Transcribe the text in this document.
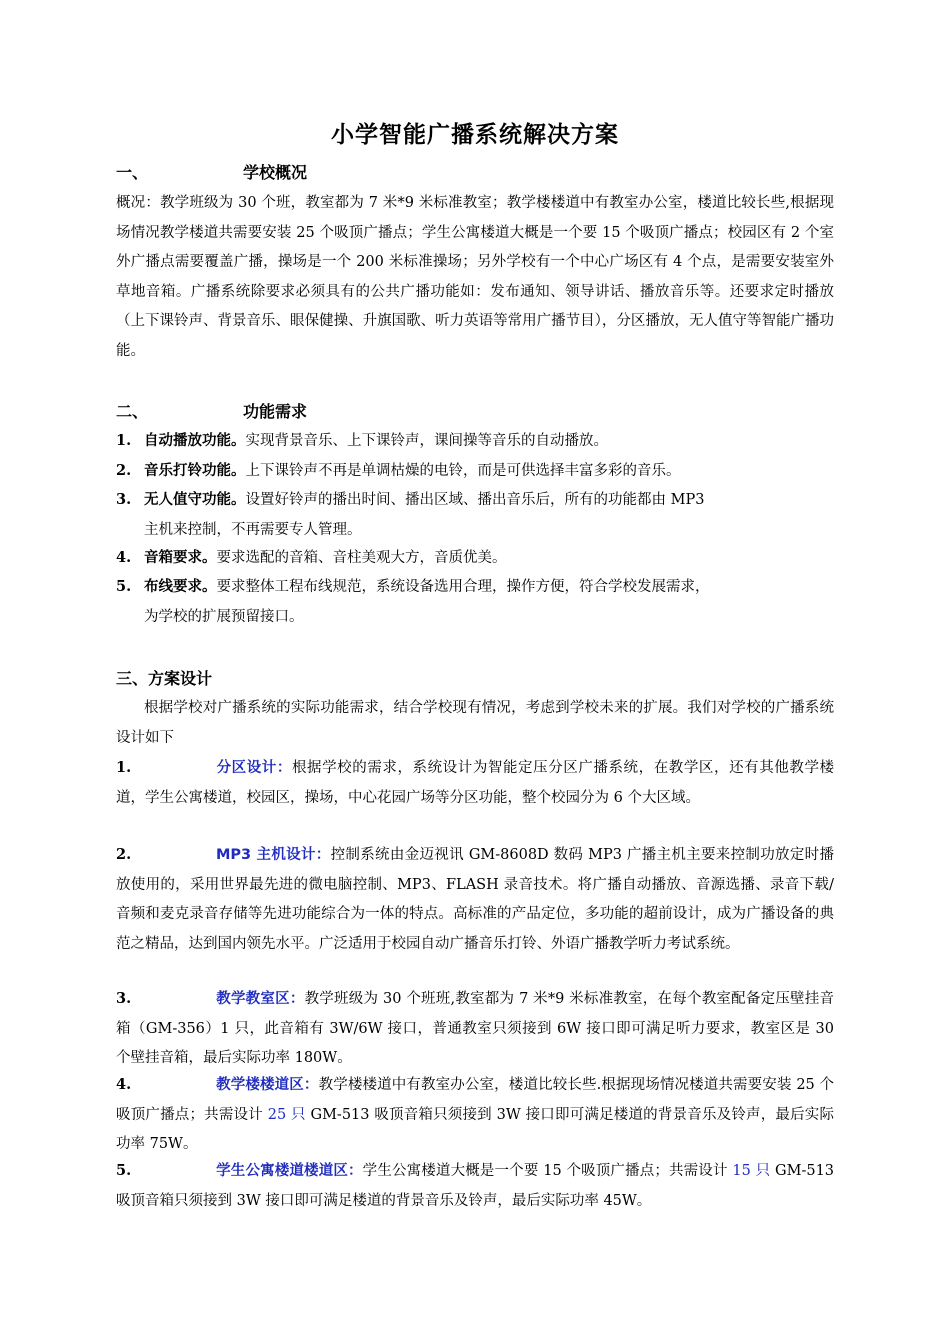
小学智能广播系统解决方案
一、	学校概况
概况：教学班级为 30 个班，教室都为 7 米*9 米标准教室；教学楼楼道中有教室办公室，楼道比较长些,根据现场情况教学楼道共需要安装 25 个吸顶广播点；学生公寓楼道大概是一个要 15 个吸顶广播点；校园区有 2 个室外广播点需要覆盖广播，操场是一个 200 米标准操场；另外学校有一个中心广场区有 4 个点，是需要安装室外草地音箱。广播系统除要求必须具有的公共广播功能如：发布通知、领导讲话、播放音乐等。还要求定时播放（上下课铃声、背景音乐、眼保健操、升旗国歌、听力英语等常用广播节目），分区播放，无人值守等智能广播功能。
二、	功能需求
1. 自动播放功能。实现背景音乐、上下课铃声，课间操等音乐的自动播放。
2. 音乐打铃功能。上下课铃声不再是单调枯燥的电铃，而是可供选择丰富多彩的音乐。
3. 无人值守功能。设置好铃声的播出时间、播出区域、播出音乐后，所有的功能都由 MP3
主机来控制，不再需要专人管理。
4. 音箱要求。要求选配的音箱、音柱美观大方，音质优美。
5. 布线要求。要求整体工程布线规范，系统设备选用合理，操作方便，符合学校发展需求，
为学校的扩展预留接口。
三、方案设计
根据学校对广播系统的实际功能需求，结合学校现有情况，考虑到学校未来的扩展。我们对学校的广播系统设计如下
1.	分区设计：根据学校的需求，系统设计为智能定压分区广播系统，在教学区，还有其他教学楼道，学生公寓楼道，校园区，操场，中心花园广场等分区功能，整个校园分为 6 个大区域。
2.	MP3 主机设计：控制系统由金迈视讯 GM-8608D 数码 MP3 广播主机主要来控制功放定时播放使用的，采用世界最先进的微电脑控制、MP3、FLASH 录音技术。将广播自动播放、音源选播、录音下载/音频和麦克录音存储等先进功能综合为一体的特点。高标准的产品定位，多功能的超前设计，成为广播设备的典范之精品，达到国内领先水平。广泛适用于校园自动广播音乐打铃、外语广播教学听力考试系统。
3.	教学教室区：教学班级为 30 个班班,教室都为 7 米*9 米标准教室，在每个教室配备定压壁挂音箱（GM-356）1 只，此音箱有 3W/6W 接口，普通教室只须接到 6W 接口即可满足听力要求，教室区是 30 个壁挂音箱，最后实际功率 180W。
4.	教学楼楼道区：教学楼楼道中有教室办公室，楼道比较长些.根据现场情况楼道共需要安装 25 个吸顶广播点；共需设计 25 只 GM-513 吸顶音箱只须接到 3W 接口即可满足楼道的背景音乐及铃声，最后实际功率 75W。
5.	学生公寓楼道楼道区：学生公寓楼道大概是一个要 15 个吸顶广播点；共需设计 15 只 GM-513 吸顶音箱只须接到 3W 接口即可满足楼道的背景音乐及铃声，最后实际功率 45W。
